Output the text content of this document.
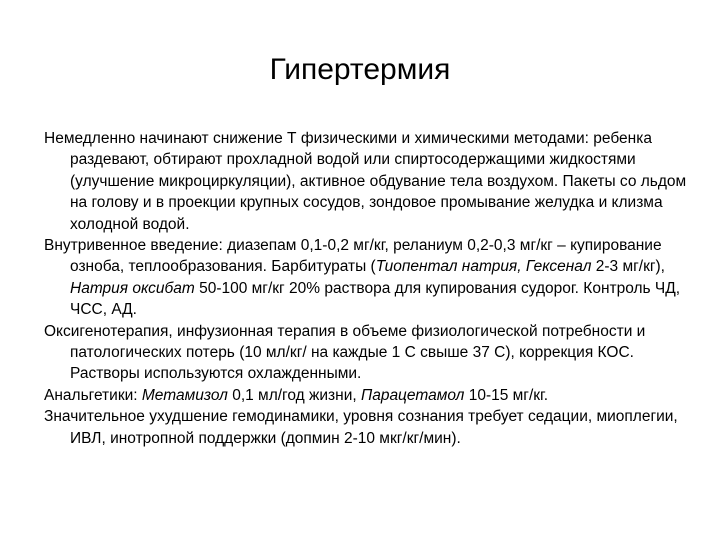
Гипертермия

Немедленно начинают снижение Т физическими и химическими методами: ребенка раздевают, обтирают прохладной водой или спиртосодержащими жидкостями (улучшение микроциркуляции), активное обдувание тела воздухом. Пакеты со льдом на голову и в проекции крупных сосудов, зондовое промывание желудка и клизма холодной водой.

Внутривенное введение: диазепам 0,1-0,2 мг/кг, реланиум 0,2-0,3 мг/кг – купирование озноба, теплообразования. Барбитураты (Тиопентал натрия, Гексенал 2-3 мг/кг), Натрия оксибат 50-100 мг/кг 20% раствора для купирования судорог. Контроль ЧД, ЧСС, АД.

Оксигенотерапия, инфузионная терапия в объеме физиологической потребности и патологических потерь (10 мл/кг/ на каждые 1 С свыше 37 С), коррекция КОС. Растворы используются охлажденными.

Анальгетики: Метамизол 0,1 мл/год жизни, Парацетамол 10-15 мг/кг.

Значительное ухудшение гемодинамики, уровня сознания требует седации, миоплегии, ИВЛ, инотропной поддержки (допмин 2-10 мкг/кг/мин).
